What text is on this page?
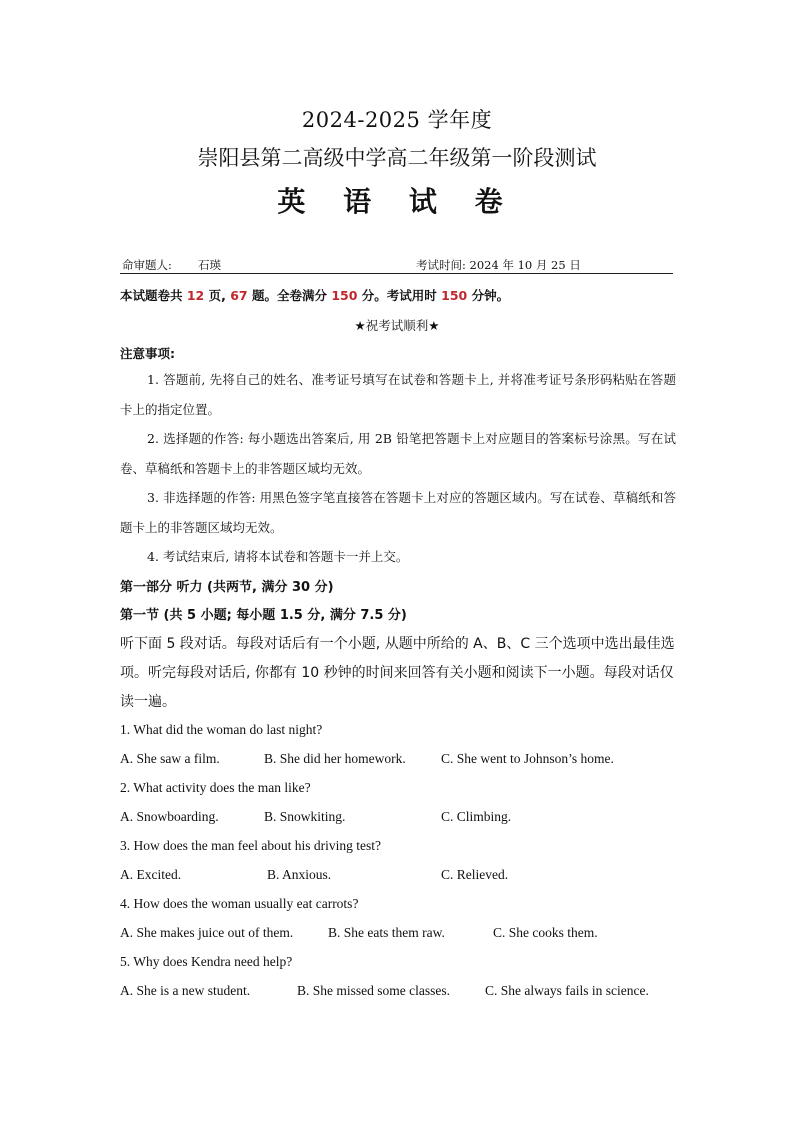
2024-2025 学年度
崇阳县第二高级中学高二年级第一阶段测试
英 语 试 卷
命审题人: 石瑛	考试时间: 2024 年 10 月 25 日
本试题卷共 12 页, 67 题。全卷满分 150 分。考试用时 150 分钟。
★祝考试顺利★
注意事项:
1. 答题前, 先将自己的姓名、准考证号填写在试卷和答题卡上, 并将准考证号条形码粘贴在答题卡上的指定位置。
2. 选择题的作答: 每小题选出答案后, 用 2B 铅笔把答题卡上对应题目的答案标号涂黑。写在试卷、草稿纸和答题卡上的非答题区域均无效。
3. 非选择题的作答: 用黑色签字笔直接答在答题卡上对应的答题区域内。写在试卷、草稿纸和答题卡上的非答题区域均无效。
4. 考试结束后, 请将本试卷和答题卡一并上交。
第一部分 听力 (共两节, 满分 30 分)
第一节 (共 5 小题; 每小题 1.5 分, 满分 7.5 分)
听下面 5 段对话。每段对话后有一个小题, 从题中所给的 A、B、C 三个选项中选出最佳选项。听完每段对话后, 你都有 10 秒钟的时间来回答有关小题和阅读下一小题。每段对话仅读一遍。
1. What did the woman do last night?
A. She saw a film.	B. She did her homework.	C. She went to Johnson’s home.
2. What activity does the man like?
A. Snowboarding.	B. Snowkiting.	C. Climbing.
3. How does the man feel about his driving test?
A. Excited.	B. Anxious.	C. Relieved.
4. How does the woman usually eat carrots?
A. She makes juice out of them.	B. She eats them raw.	C. She cooks them.
5. Why does Kendra need help?
A. She is a new student.	B. She missed some classes.	C. She always fails in science.
